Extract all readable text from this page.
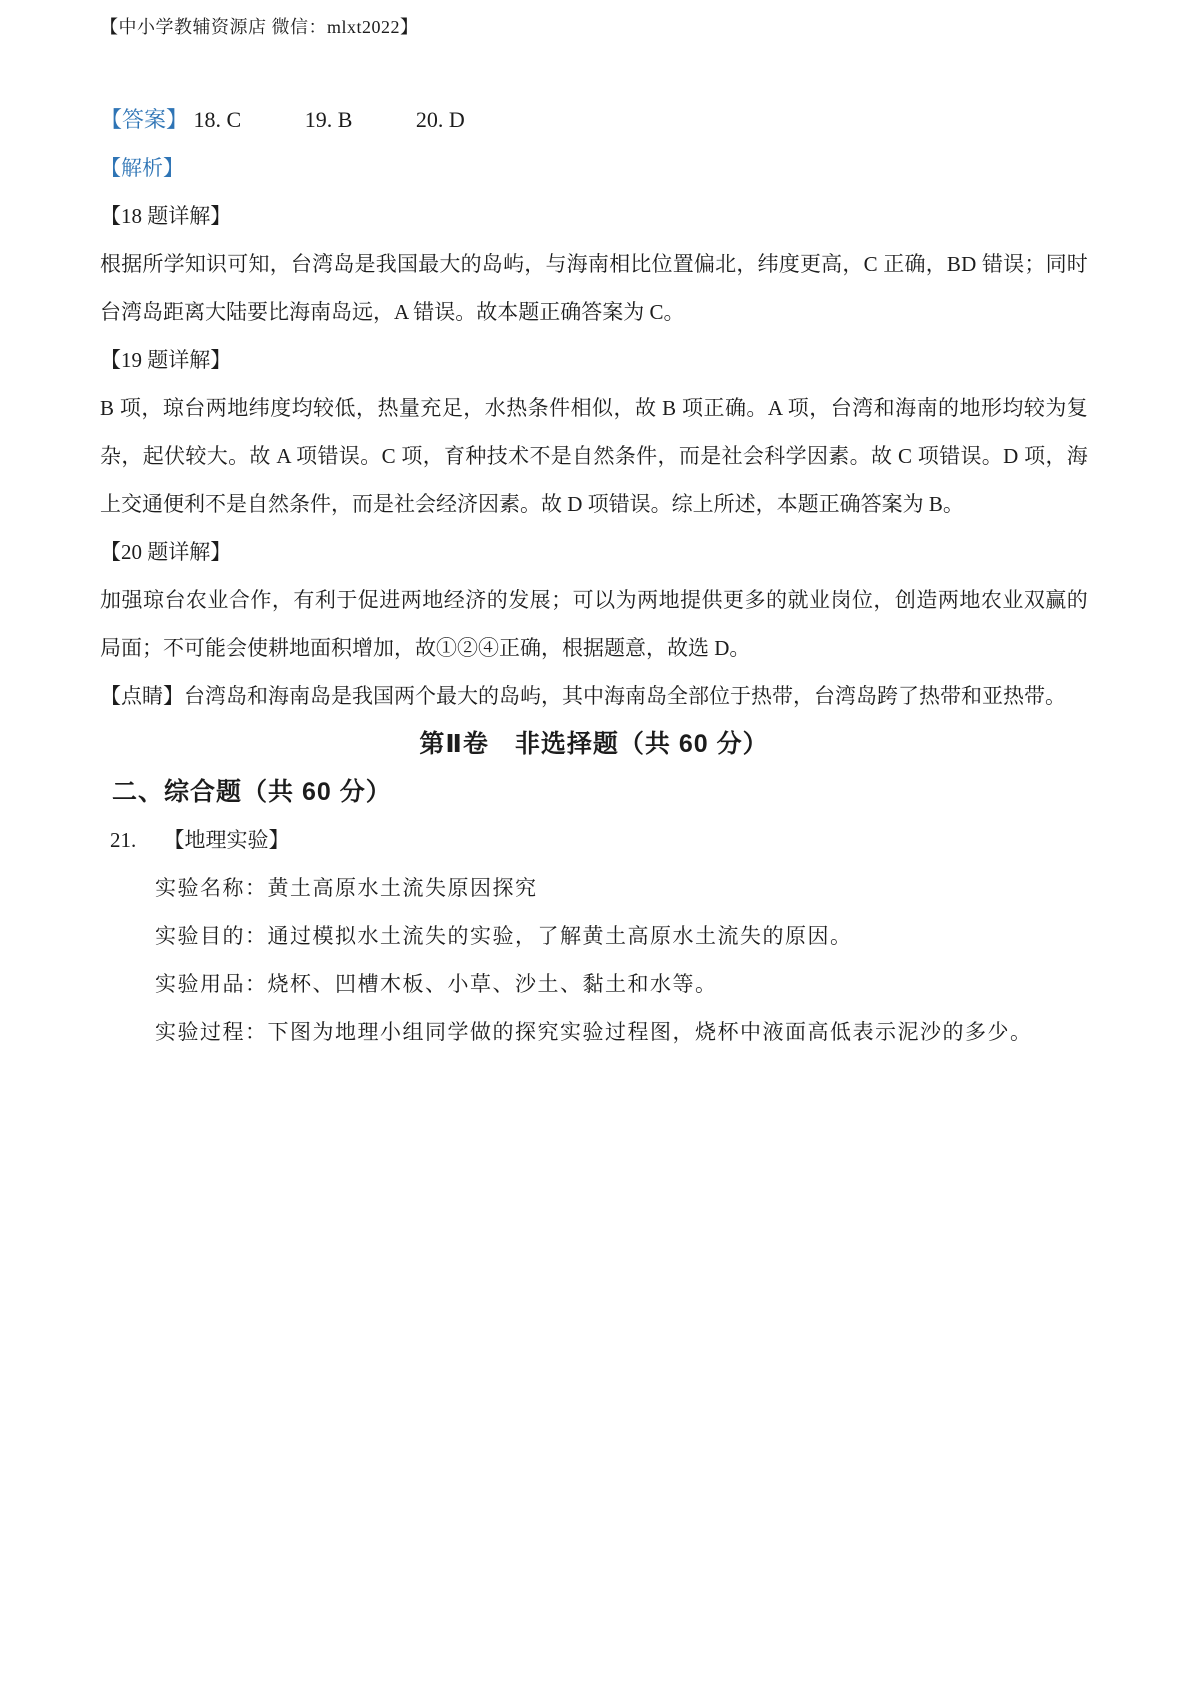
【中小学教辅资源店 微信：mlxt2022】
【答案】 18. C	19. B	20. D
【解析】
【18 题详解】
根据所学知识可知，台湾岛是我国最大的岛屿，与海南相比位置偏北，纬度更高，C 正确，BD 错误；同时
台湾岛距离大陆要比海南岛远，A 错误。故本题正确答案为 C。
【19 题详解】
B 项，琼台两地纬度均较低，热量充足，水热条件相似，故 B 项正确。A 项，台湾和海南的地形均较为复
杂，起伏较大。故 A 项错误。C 项，育种技术不是自然条件，而是社会科学因素。故 C 项错误。D 项，海
上交通便利不是自然条件，而是社会经济因素。故 D 项错误。综上所述，本题正确答案为 B。
【20 题详解】
加强琼台农业合作，有利于促进两地经济的发展；可以为两地提供更多的就业岗位，创造两地农业双赢的
局面；不可能会使耕地面积增加，故①②④正确，根据题意，故选 D。
【点睛】台湾岛和海南岛是我国两个最大的岛屿，其中海南岛全部位于热带，台湾岛跨了热带和亚热带。
第Ⅱ卷　非选择题（共 60 分）
二、综合题（共 60 分）
21. 【地理实验】
实验名称：黄土高原水土流失原因探究
实验目的：通过模拟水土流失的实验，了解黄土高原水土流失的原因。
实验用品：烧杯、凹槽木板、小草、沙土、黏土和水等。
实验过程：下图为地理小组同学做的探究实验过程图，烧杯中液面高低表示泥沙的多少。
